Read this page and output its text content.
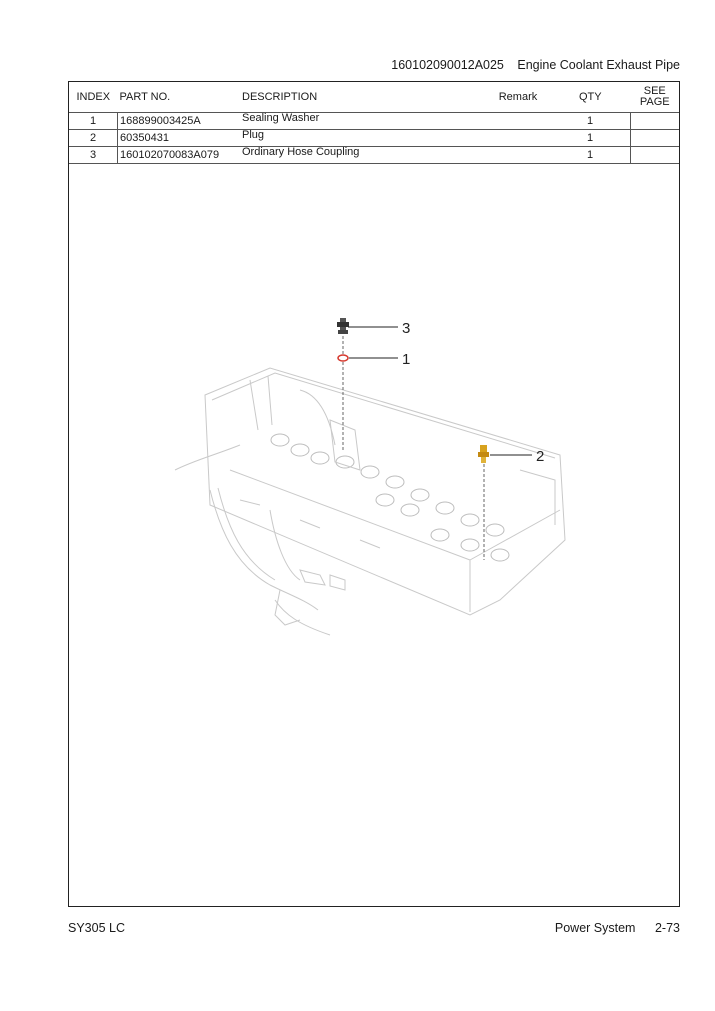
160102090012A025 Engine Coolant Exhaust Pipe
INDEX	PART NO.	DESCRIPTION	Remark	QTY	SEE
PAGE
1	168899003425A	Sealing Washer		1	
2	60350431	Plug		1	
3	160102070083A079	Ordinary Hose Coupling		1	
3
1
2
SY305 LC	Power System 2-73
